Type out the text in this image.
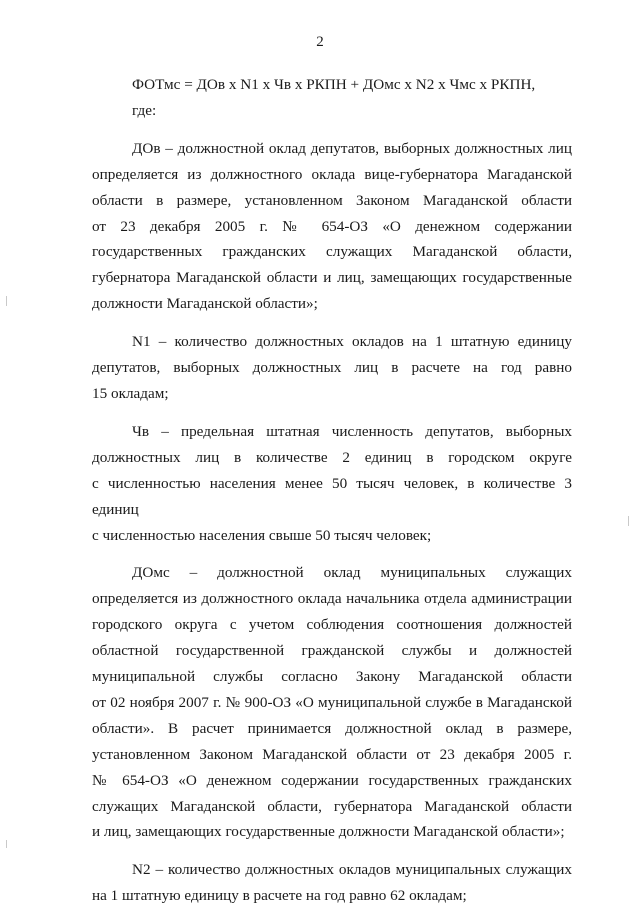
2

ФОТмс = ДОв x N1 x Чв x РКПН + ДОмс x N2 x Чмс x РКПН,

где:

ДОв – должностной оклад депутатов, выборных должностных лиц
определяется из должностного оклада вице-губернатора Магаданской
области в размере, установленном Законом Магаданской области
от 23 декабря 2005 г. № 654-ОЗ «О денежном содержании
государственных гражданских служащих Магаданской области,
губернатора Магаданской области и лиц, замещающих государственные
должности Магаданской области»;
N1 – количество должностных окладов на 1 штатную единицу
депутатов, выборных должностных лиц в расчете на год равно
15 окладам;
Чв – предельная штатная численность депутатов, выборных
должностных лиц в количестве 2 единиц в городском округе
с численностью населения менее 50 тысяч человек, в количестве 3 единиц
с численностью населения свыше 50 тысяч человек;
ДОмс – должностной оклад муниципальных служащих
определяется из должностного оклада начальника отдела администрации
городского округа с учетом соблюдения соотношения должностей
областной государственной гражданской службы и должностей
муниципальной службы согласно Закону Магаданской области
от 02 ноября 2007 г. № 900-ОЗ «О муниципальной службе в Магаданской
области». В расчет принимается должностной оклад в размере,
установленном Законом Магаданской области от 23 декабря 2005 г.
№ 654-ОЗ «О денежном содержании государственных гражданских
служащих Магаданской области, губернатора Магаданской области
и лиц, замещающих государственные должности Магаданской области»;
N2 – количество должностных окладов муниципальных служащих
на 1 штатную единицу в расчете на год равно 62 окладам;
